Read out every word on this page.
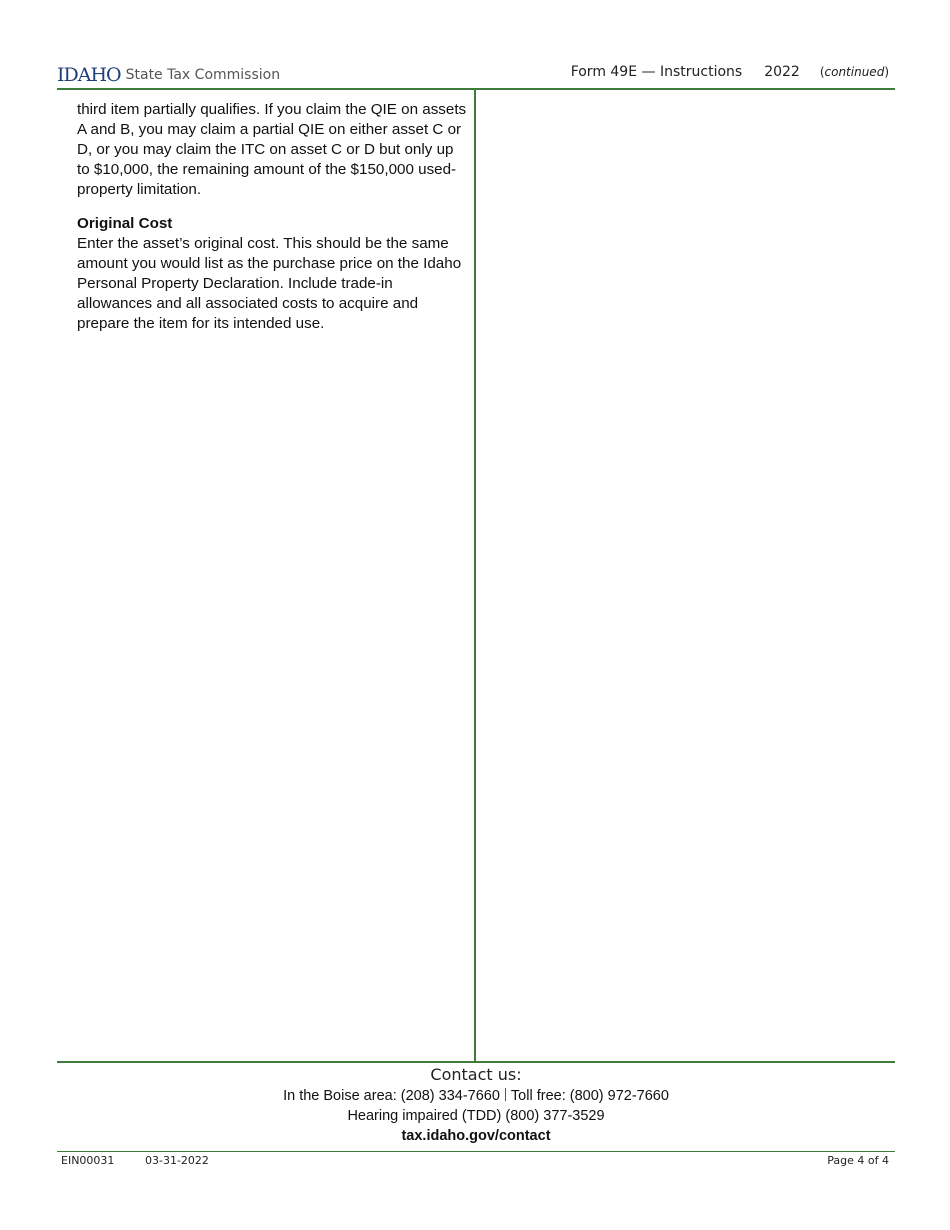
IDAHO State Tax Commission	Form 49E — Instructions 2022 (continued)

third item partially qualifies. If you claim the QIE on assets A and B, you may claim a partial QIE on either asset C or D, or you may claim the ITC on asset C or D but only up to $10,000, the remaining amount of the $150,000 used-property limitation.

Original Cost

Enter the asset’s original cost. This should be the same amount you would list as the purchase price on the Idaho Personal Property Declaration. Include trade-in allowances and all associated costs to acquire and prepare the item for its intended use.

Contact us:
In the Boise area: (208) 334-7660 Toll free: (800) 972-7660
Hearing impaired (TDD) (800) 377-3529
tax.idaho.gov/contact
EIN00031	03-31-2022	Page 4 of 4
